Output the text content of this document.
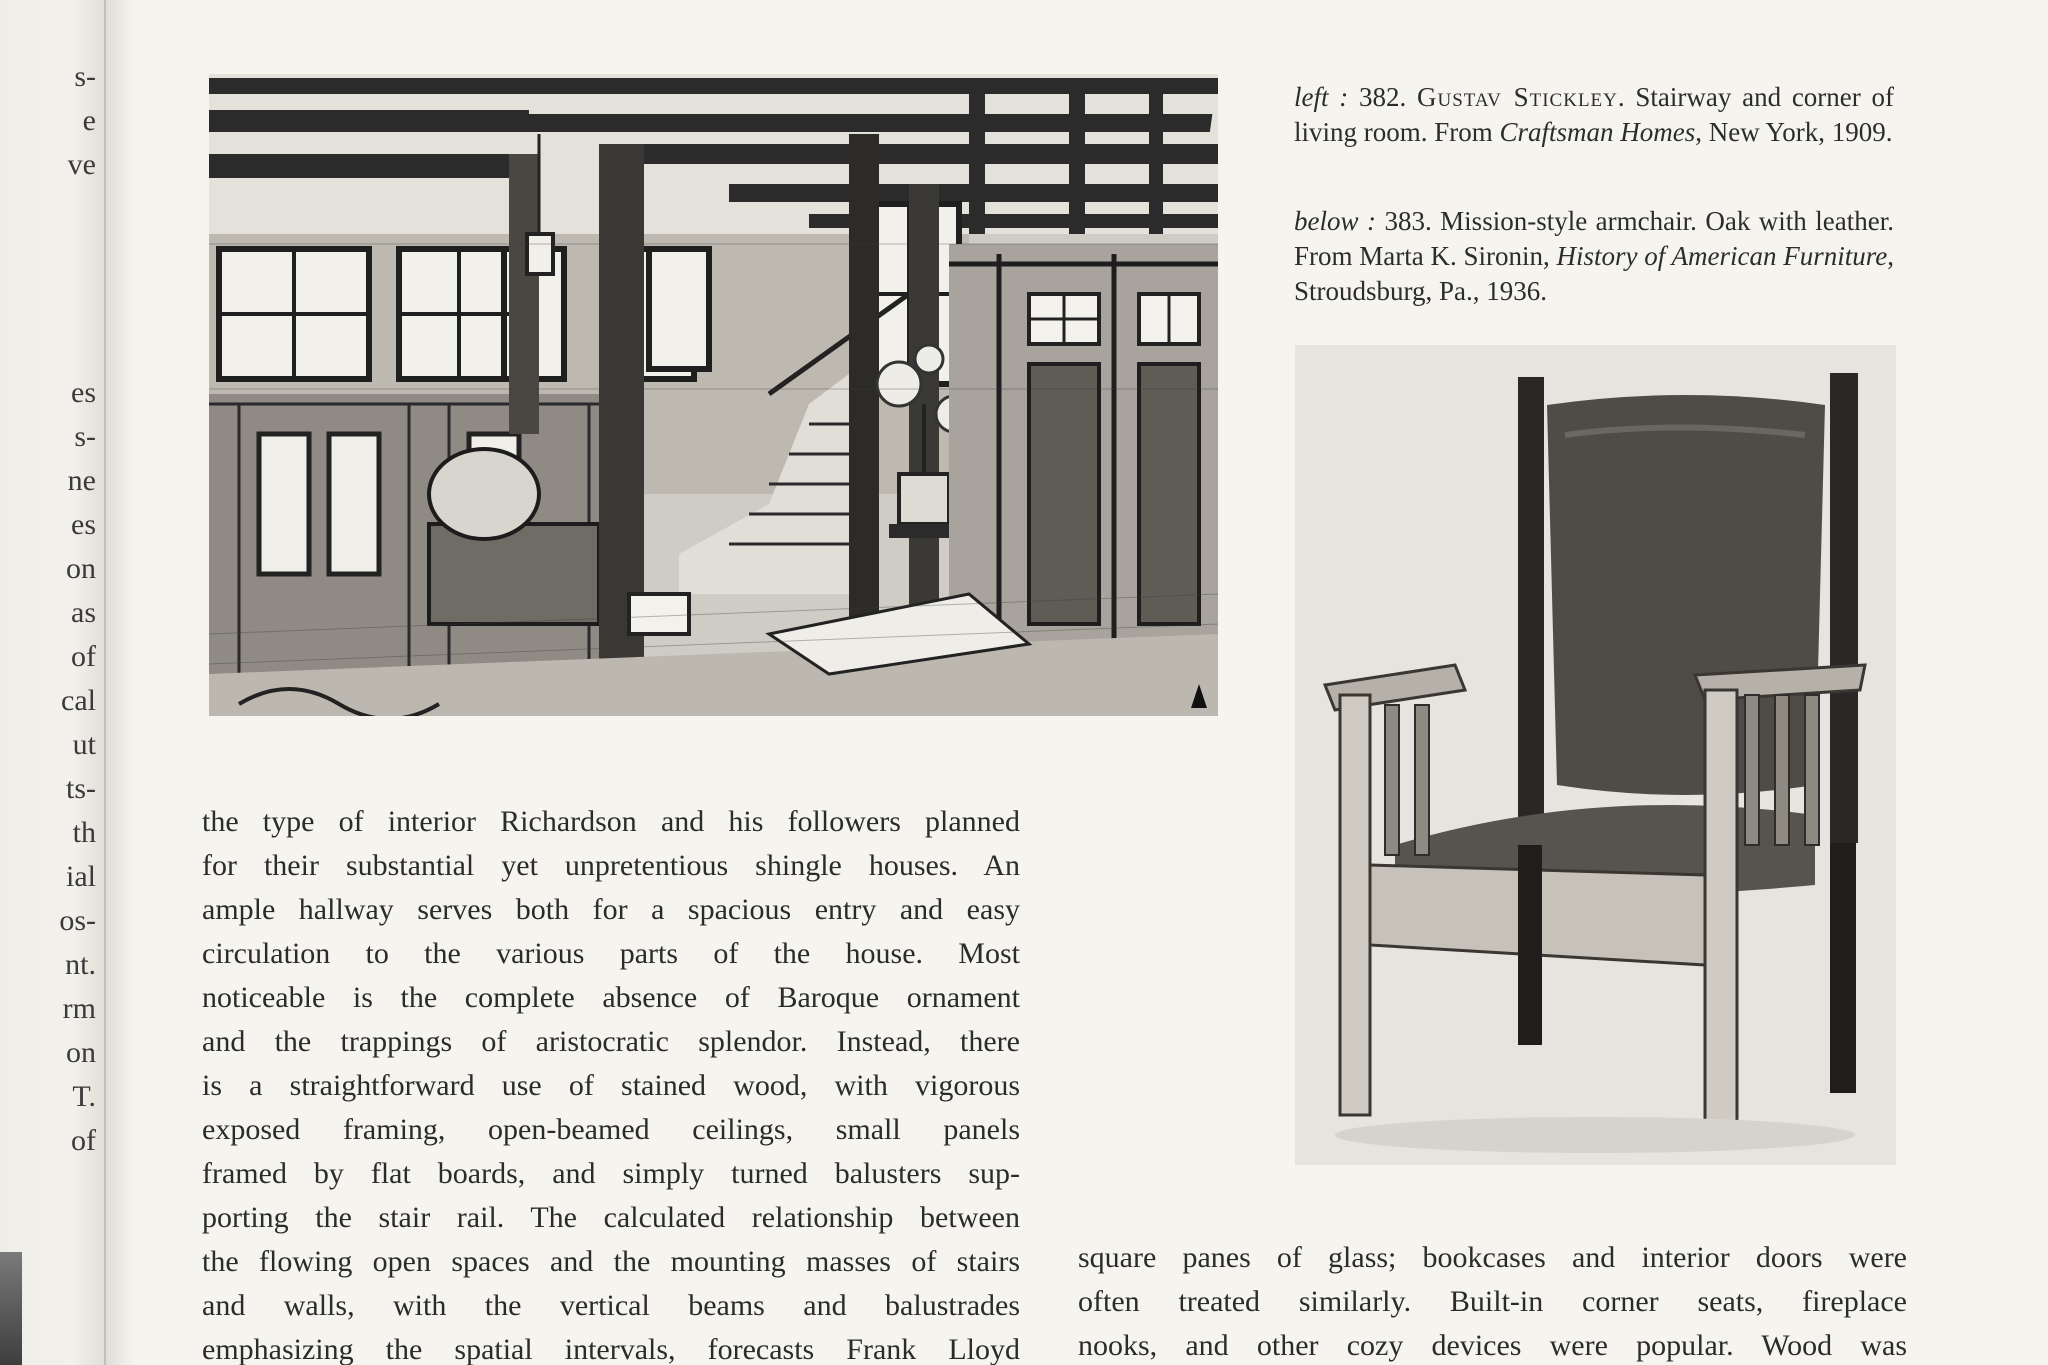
s-
e
ve
es
s-
ne
es
on
as
of
cal
ut
ts-
th
ial
os-
nt.
rm
on
T.
of
left : 382. Gustav Stickley. Stairway and corner of living room. From Craftsman Homes, New York, 1909.
below : 383. Mission-style armchair. Oak with leather. From Marta K. Sironin, History of American Furniture, Stroudsburg, Pa., 1936.
the type of interior Richardson and his followers planned
for their substantial yet unpretentious shingle houses. An
ample hallway serves both for a spacious entry and easy
circulation to the various parts of the house. Most
noticeable is the complete absence of Baroque ornament
and the trappings of aristocratic splendor. Instead, there
is a straightforward use of stained wood, with vigorous
exposed framing, open-beamed ceilings, small panels
framed by flat boards, and simply turned balusters sup-
porting the stair rail. The calculated relationship between
the flowing open spaces and the mounting masses of stairs
and walls, with the vertical beams and balustrades
emphasizing the spatial intervals, forecasts Frank Lloyd
square panes of glass; bookcases and interior doors were
often treated similarly. Built-in corner seats, fireplace
nooks, and other cozy devices were popular. Wood was
